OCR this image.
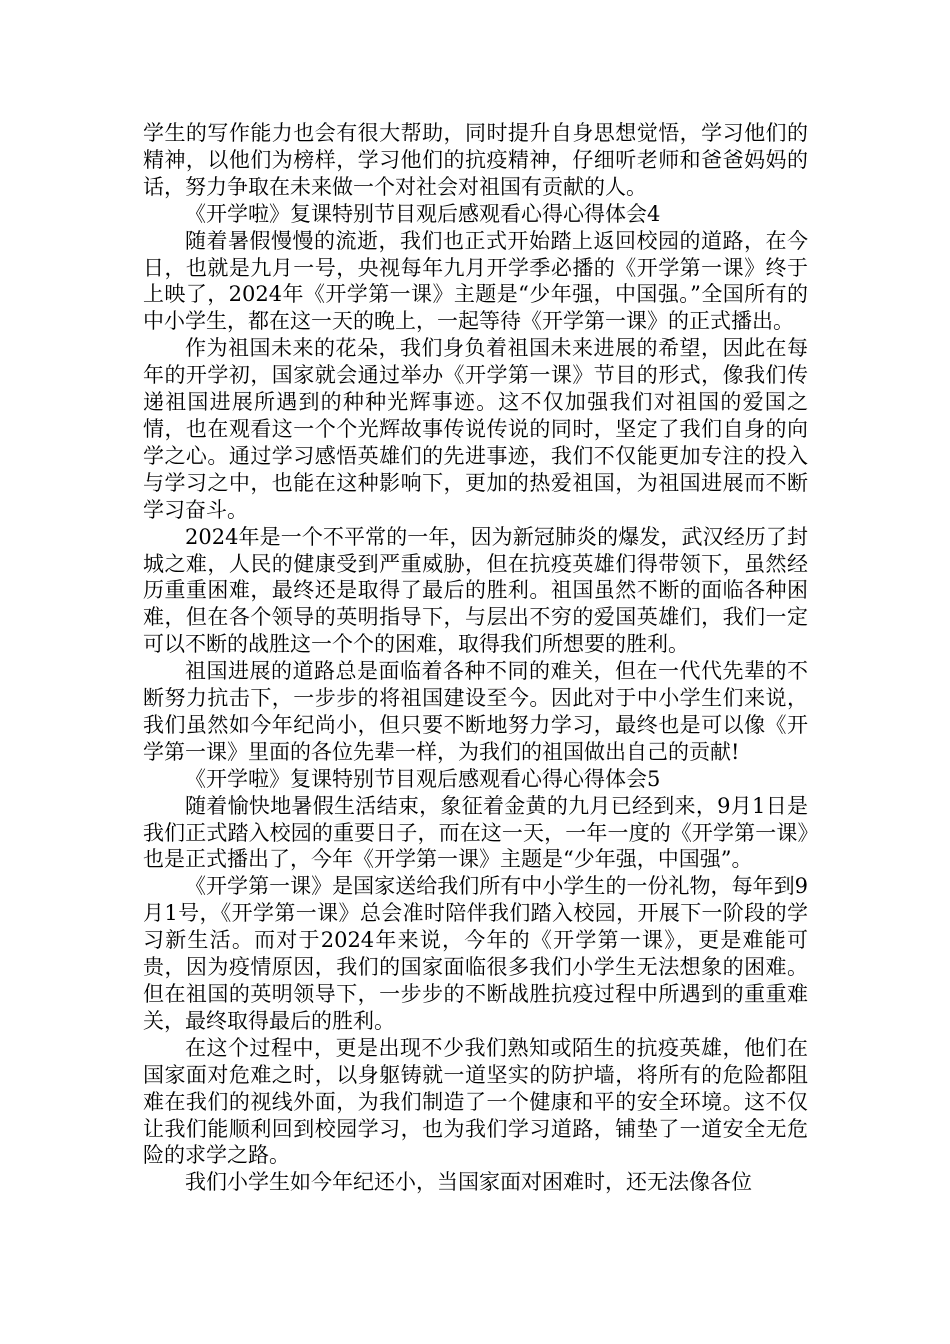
学生的写作能力也会有很大帮助，同时提升自身思想觉悟，学习他们的精神，以他们为榜样，学习他们的抗疫精神，仔细听老师和爸爸妈妈的话，努力争取在未来做一个对社会对祖国有贡献的人。

《开学啦》复课特别节目观后感观看心得心得体会4

随着暑假慢慢的流逝，我们也正式开始踏上返回校园的道路，在今日，也就是九月一号，央视每年九月开学季必播的《开学第一课》终于上映了，2024年《开学第一课》主题是“少年强，中国强。”全国所有的中小学生，都在这一天的晚上，一起等待《开学第一课》的正式播出。

作为祖国未来的花朵，我们身负着祖国未来进展的希望，因此在每年的开学初，国家就会通过举办《开学第一课》节目的形式，像我们传递祖国进展所遇到的种种光辉事迹。这不仅加强我们对祖国的爱国之情，也在观看这一个个光辉故事传说传说的同时，坚定了我们自身的向学之心。通过学习感悟英雄们的先进事迹，我们不仅能更加专注的投入与学习之中，也能在这种影响下，更加的热爱祖国，为祖国进展而不断学习奋斗。

2024年是一个不平常的一年，因为新冠肺炎的爆发，武汉经历了封城之难，人民的健康受到严重威胁，但在抗疫英雄们得带领下，虽然经历重重困难，最终还是取得了最后的胜利。祖国虽然不断的面临各种困难，但在各个领导的英明指导下，与层出不穷的爱国英雄们，我们一定可以不断的战胜这一个个的困难，取得我们所想要的胜利。

祖国进展的道路总是面临着各种不同的难关，但在一代代先辈的不断努力抗击下，一步步的将祖国建设至今。因此对于中小学生们来说，我们虽然如今年纪尚小，但只要不断地努力学习，最终也是可以像《开学第一课》里面的各位先辈一样，为我们的祖国做出自己的贡献!

《开学啦》复课特别节目观后感观看心得心得体会5

随着愉快地暑假生活结束，象征着金黄的九月已经到来，9月1日是我们正式踏入校园的重要日子，而在这一天，一年一度的《开学第一课》也是正式播出了，今年《开学第一课》主题是“少年强，中国强”。

《开学第一课》是国家送给我们所有中小学生的一份礼物，每年到9月1号，《开学第一课》总会准时陪伴我们踏入校园，开展下一阶段的学习新生活。而对于2024年来说，今年的《开学第一课》，更是难能可贵，因为疫情原因，我们的国家面临很多我们小学生无法想象的困难。但在祖国的英明领导下，一步步的不断战胜抗疫过程中所遇到的重重难关，最终取得最后的胜利。

在这个过程中，更是出现不少我们熟知或陌生的抗疫英雄，他们在国家面对危难之时，以身躯铸就一道坚实的防护墙，将所有的危险都阻难在我们的视线外面，为我们制造了一个健康和平的安全环境。这不仅让我们能顺利回到校园学习，也为我们学习道路，铺垫了一道安全无危险的求学之路。

我们小学生如今年纪还小，当国家面对困难时，还无法像各位
